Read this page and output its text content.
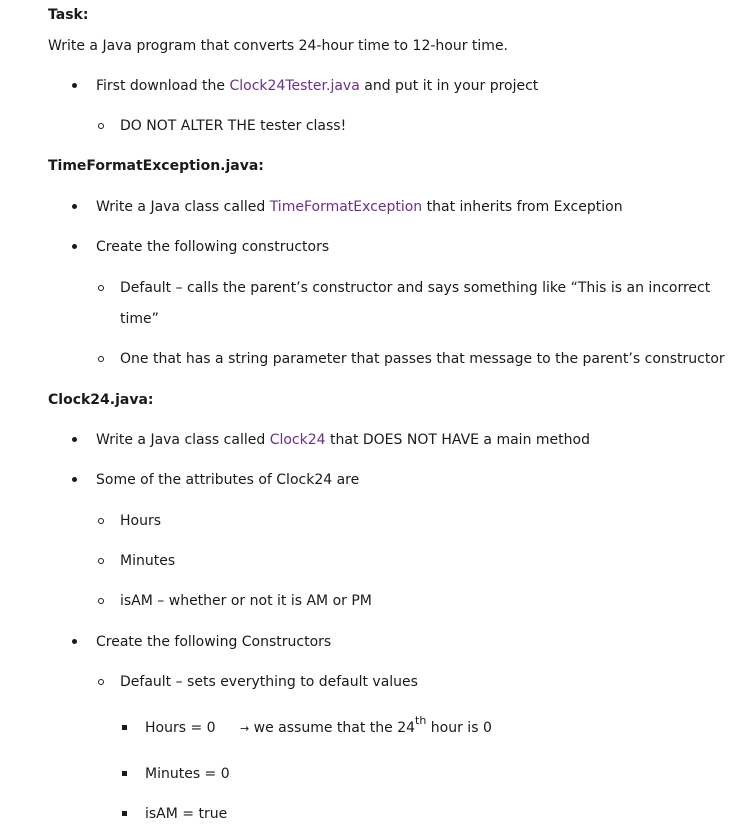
Task:
Write a Java program that converts 24-hour time to 12-hour time.
First download the Clock24Tester.java and put it in your project
DO NOT ALTER THE tester class!
TimeFormatException.java:
Write a Java class called TimeFormatException that inherits from Exception
Create the following constructors
Default – calls the parent’s constructor and says something like “This is an incorrect
time”
One that has a string parameter that passes that message to the parent’s constructor
Clock24.java:
Write a Java class called Clock24 that DOES NOT HAVE a main method
Some of the attributes of Clock24 are
Hours
Minutes
isAM – whether or not it is AM or PM
Create the following Constructors
Default – sets everything to default values
Hours = 0 → we assume that the 24th hour is 0
Minutes = 0
isAM = true
